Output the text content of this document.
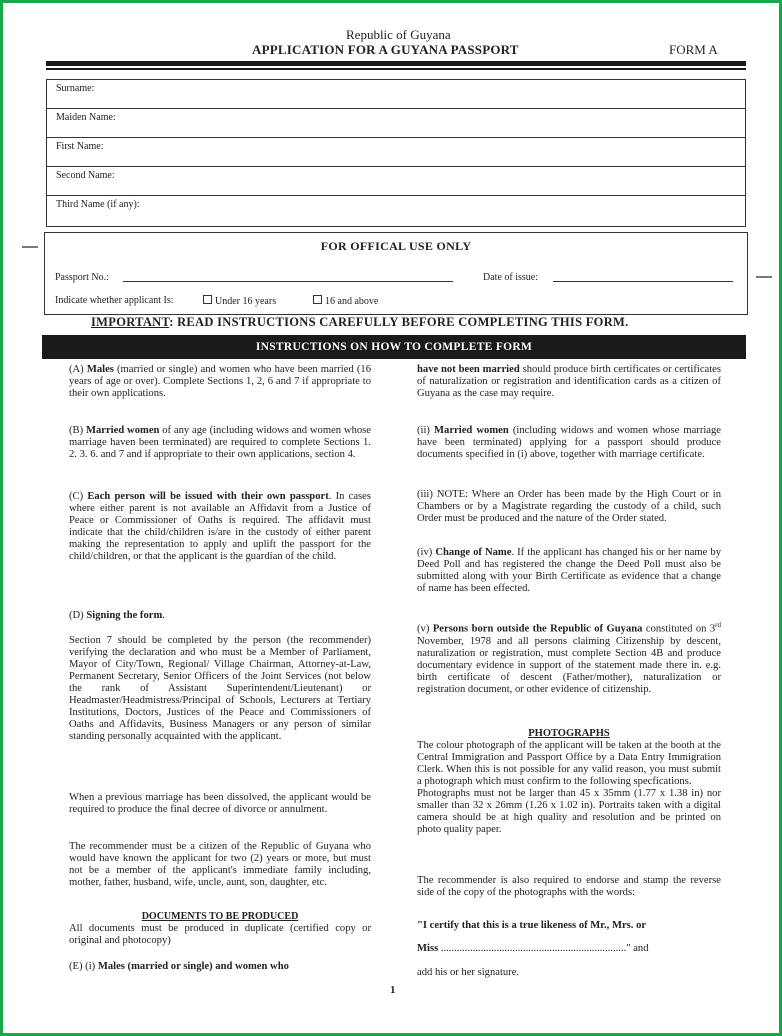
Republic of Guyana
APPLICATION FOR A GUYANA PASSPORT	FORM A
Surname:
Maiden Name:
First Name:
Second Name:
Third Name (if any):
FOR OFFICAL USE ONLY
Passport No.:	Date of issue:
Indicate whether applicant Is:	Under 16 years	16 and above
IMPORTANT: READ INSTRUCTIONS CAREFULLY BEFORE COMPLETING THIS FORM.
INSTRUCTIONS ON HOW TO COMPLETE FORM

(A) Males (married or single) and women who have been married (16 years of age or over). Complete Sections 1, 2, 6 and 7 if appropriate to their own applications.

(B) Married women of any age (including widows and women whose marriage haven been terminated) are required to complete Sections 1. 2. 3. 6. and 7 and if appropriate to their own applications, section 4.

(C) Each person will be issued with their own passport. In cases where either parent is not available an Affidavit from a Justice of Peace or Commissioner of Oaths is required. The affidavit must indicate that the child/children is/are in the custody of either parent making the representation to apply and uplift the passport for the child/children, or that the applicant is the guardian of the child.

(D) Signing the form.

Section 7 should be completed by the person (the recommender) verifying the declaration and who must be a Member of Parliament, Mayor of City/Town, Regional/ Village Chairman, Attorney-at-Law, Permanent Secretary, Senior Officers of the Joint Services (not below the rank of Assistant Superintendent/Lieutenant) or Headmaster/Headmistress/Principal of Schools, Lecturers at Tertiary Institutions, Doctors, Justices of the Peace and Commissioners of Oaths and Affidavits, Business Managers or any person of similar standing personally acquainted with the applicant.

When a previous marriage has been dissolved, the applicant would be required to produce the final decree of divorce or annulment.

The recommender must be a citizen of the Republic of Guyana who would have known the applicant for two (2) years or more, but must not be a member of the applicant's immediate family including, mother, father, husband, wife, uncle, aunt, son, daughter, etc.

DOCUMENTS TO BE PRODUCED

All documents must be produced in duplicate (certified copy or original and photocopy)

(E) (i) Males (married or single) and women who

have not been married should produce birth certificates or certificates of naturalization or registration and identification cards as a citizen of Guyana as the case may require.

(ii) Married women (including widows and women whose marriage have been terminated) applying for a passport should produce documents specified in (i) above, together with marriage certificate.

(iii) NOTE: Where an Order has been made by the High Court or in Chambers or by a Magistrate regarding the custody of a child, such Order must be produced and the nature of the Order stated.

(iv) Change of Name. If the applicant has changed his or her name by Deed Poll and has registered the change the Deed Poll must also be submitted along with your Birth Certificate as evidence that a change of name has been effected.

(v) Persons born outside the Republic of Guyana constituted on 3rd November, 1978 and all persons claiming Citizenship by descent, naturalization or registration, must complete Section 4B and produce documentary evidence in support of the statement made there in. e.g. birth certificate of descent (Father/mother), naturalization or registration document, or other evidence of citizenship.

PHOTOGRAPHS

The colour photograph of the applicant will be taken at the booth at the Central Immigration and Passport Office by a Data Entry Immigration Clerk. When this is not possible for any valid reason, you must submit a photograph which must confirm to the following specfications.

Photographs must not be larger than 45 x 35mm (1.77 x 1.38 in) nor smaller than 32 x 26mm (1.26 x 1.02 in). Portraits taken with a digital camera should be at high quality and resolution and be printed on photo quality paper.

The recommender is also required to endorse and stamp the reverse side of the copy of the photographs with the words:

"I certify that this is a true likeness of Mr., Mrs. or

Miss ......................................................................" and

add his or her signature.

1
